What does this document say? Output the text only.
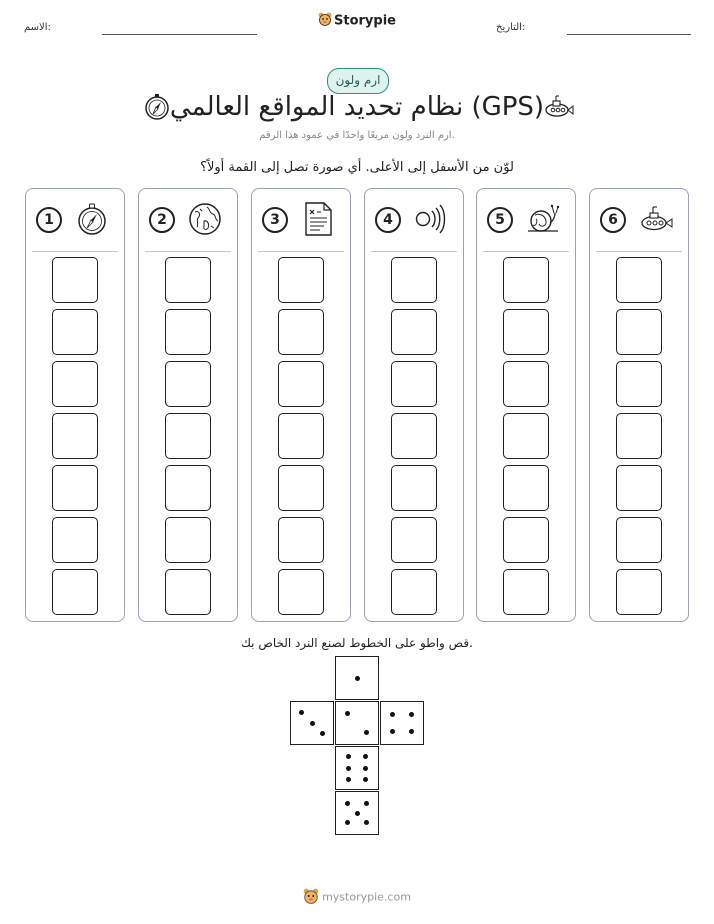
الاسم:	Storypie	التاريخ:
ارم ولون
نظام تحديد المواقع العالمي (GPS)
ارم النرد ولون مربعًا واحدًا في عمود هذا الرقم.
لوّن من الأسفل إلى الأعلى. أي صورة تصل إلى القمة أولاً؟
1	2	3	4	5	6
قص واطو على الخطوط لصنع النرد الخاص بك.
mystorypie.com
